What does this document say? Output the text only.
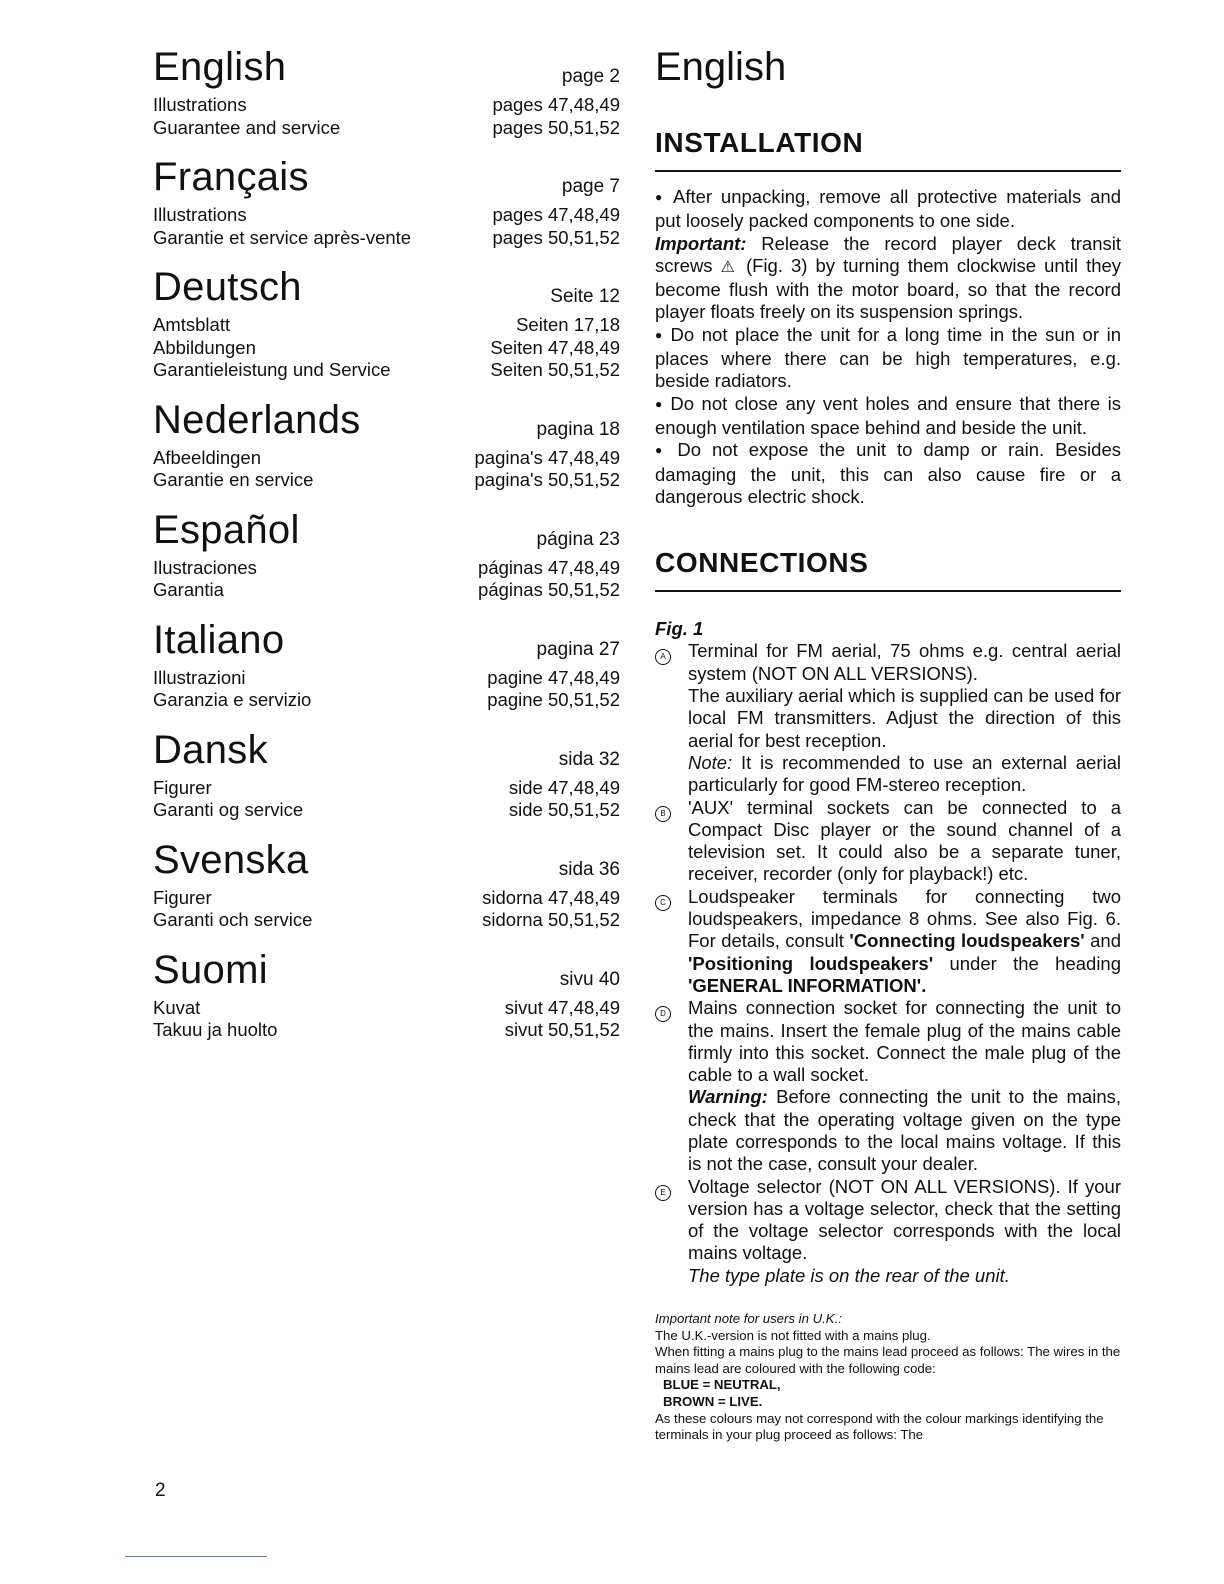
English	page 2
Illustrations	pages 47,48,49
Guarantee and service	pages 50,51,52
Français	page 7
Illustrations	pages 47,48,49
Garantie et service après-vente	pages 50,51,52
Deutsch	Seite 12
Amtsblatt	Seiten 17,18
Abbildungen	Seiten 47,48,49
Garantieleistung und Service	Seiten 50,51,52
Nederlands	pagina 18
Afbeeldingen	pagina's 47,48,49
Garantie en service	pagina's 50,51,52
Español	página 23
Ilustraciones	páginas 47,48,49
Garantia	páginas 50,51,52
Italiano	pagina 27
Illustrazioni	pagine 47,48,49
Garanzia e servizio	pagine 50,51,52
Dansk	sida 32
Figurer	side 47,48,49
Garanti og service	side 50,51,52
Svenska	sida 36
Figurer	sidorna 47,48,49
Garanti och service	sidorna 50,51,52
Suomi	sivu 40
Kuvat	sivut 47,48,49
Takuu ja huolto	sivut 50,51,52
English
INSTALLATION

● After unpacking, remove all protective materials and put loosely packed components to one side.

Important: Release the record player deck transit screws ⚠ (Fig. 3) by turning them clockwise until they become flush with the motor board, so that the record player floats freely on its suspension springs.

● Do not place the unit for a long time in the sun or in places where there can be high temperatures, e.g. beside radiators.

● Do not close any vent holes and ensure that there is enough ventilation space behind and beside the unit.

● Do not expose the unit to damp or rain. Besides damaging the unit, this can also cause fire or a dangerous electric shock.

CONNECTIONS

Fig. 1

A	Terminal for FM aerial, 75 ohms e.g. central aerial system (NOT ON ALL VERSIONS).

The auxiliary aerial which is supplied can be used for local FM transmitters. Adjust the direction of this aerial for best reception.

Note: It is recommended to use an external aerial particularly for good FM-stereo reception.

B	'AUX' terminal sockets can be connected to a Compact Disc player or the sound channel of a television set. It could also be a separate tuner, receiver, recorder (only for playback!) etc.

C	Loudspeaker terminals for connecting two loudspeakers, impedance 8 ohms. See also Fig. 6. For details, consult 'Connecting loudspeakers' and 'Positioning loudspeakers' under the heading 'GENERAL INFORMATION'.

D	Mains connection socket for connecting the unit to the mains. Insert the female plug of the mains cable firmly into this socket. Connect the male plug of the cable to a wall socket.

Warning: Before connecting the unit to the mains, check that the operating voltage given on the type plate corresponds to the local mains voltage. If this is not the case, consult your dealer.

E	Voltage selector (NOT ON ALL VERSIONS). If your version has a voltage selector, check that the setting of the voltage selector corresponds with the local mains voltage.

The type plate is on the rear of the unit.

Important note for users in U.K.:

The U.K.-version is not fitted with a mains plug.

When fitting a mains plug to the mains lead proceed as follows: The wires in the mains lead are coloured with the following code:

BLUE = NEUTRAL,

BROWN = LIVE.

As these colours may not correspond with the colour markings identifying the terminals in your plug proceed as follows: The

2
